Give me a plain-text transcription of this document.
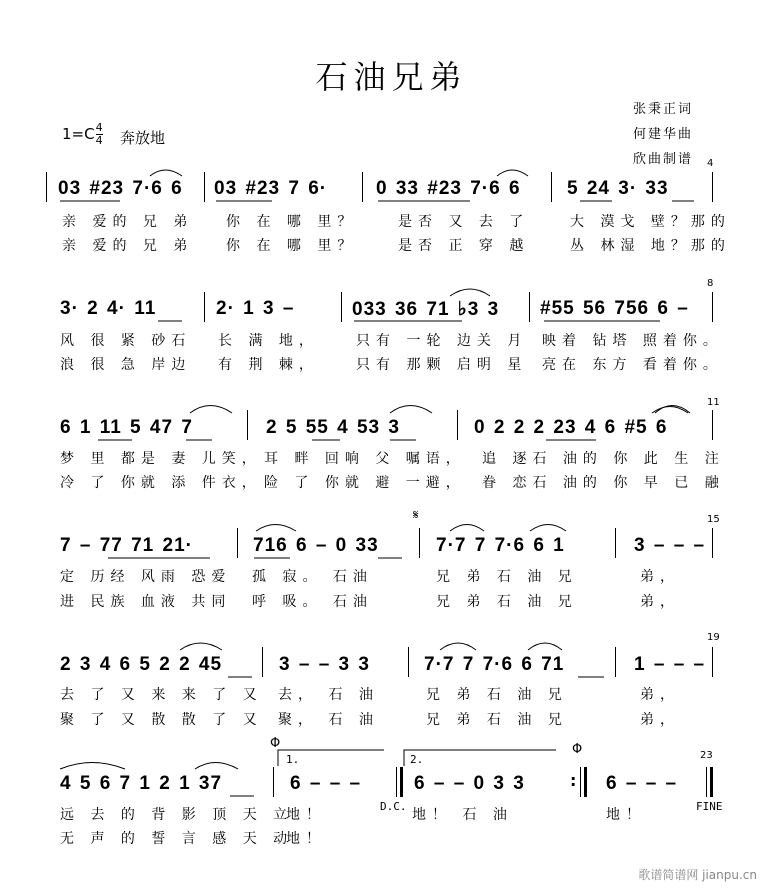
石油兄弟
张秉正词
何建华曲
欣曲制谱
$1=C \frac{4}{4}$ 奔放地
4
03 #23 7·6 6 03 #23 7 6·	0 33 #23 7·6 6 5 24 3· 33
亲 爱的 兄 弟 你 在 哪 里？	是否 又 去 了	大 漠戈 壁？那的
亲 爱的 兄 弟 你 在 哪 里？	是否 正 穿 越	丛 林湿 地？那的
8
3· 2 4· 11	2· 1 3 –	033 36 71 ♭3 3 #55 56 756 6 –
风 很 紧 砂石 长 满 地，	只有 一轮 边关 月 映着 钻塔 照着你。
浪 很 急 岸边 有 荆 棘，	只有 那颗 启明 星 亮在 东方 看着你。
11
6 1 11 5 47 7	2 5 55 4 53 3	0 2 2 2 23 4 6 #5 6
梦 里 都是 妻 儿笑， 耳 畔 回响 父 嘱语， 追 逐石 油的 你 此 生 注
冷 了 你就 添 件衣， 险 了 你就 避 一避， 眷 恋石 油的 你 早 已 融
15
𝄋
7 – 77 71 21·	716 6 – 0 33	7·7 7 7·6 6 1	3 – – –
定 历经 风雨 恐爱 孤 寂。 石油	兄 弟 石 油 兄	弟，
进 民族 血液 共同 呼 吸。 石油	兄 弟 石 油 兄	弟，
19
2 3 4 6 5 2 2 45	3 – – 3 3	7·7 7 7·6 6 71	1 – – –
去 了 又 来 来 了 又 去， 石 油	兄 弟 石 油 兄	弟，
聚 了 又 散 散 了 又 聚， 石 油	兄 弟 石 油 兄	弟，
23
Φ	Φ
1.	2.
4 5 6 7 1 2 1 37	6 – – –	6 – – 0 3 3	: 6 – – –
D.C.	FINE
远 去 的 背 影 顶 天 立
地！	地！ 石 油	地！
无 声 的 誓 言 感 天 动
地！
歌谱简谱网 jianpu.cn
